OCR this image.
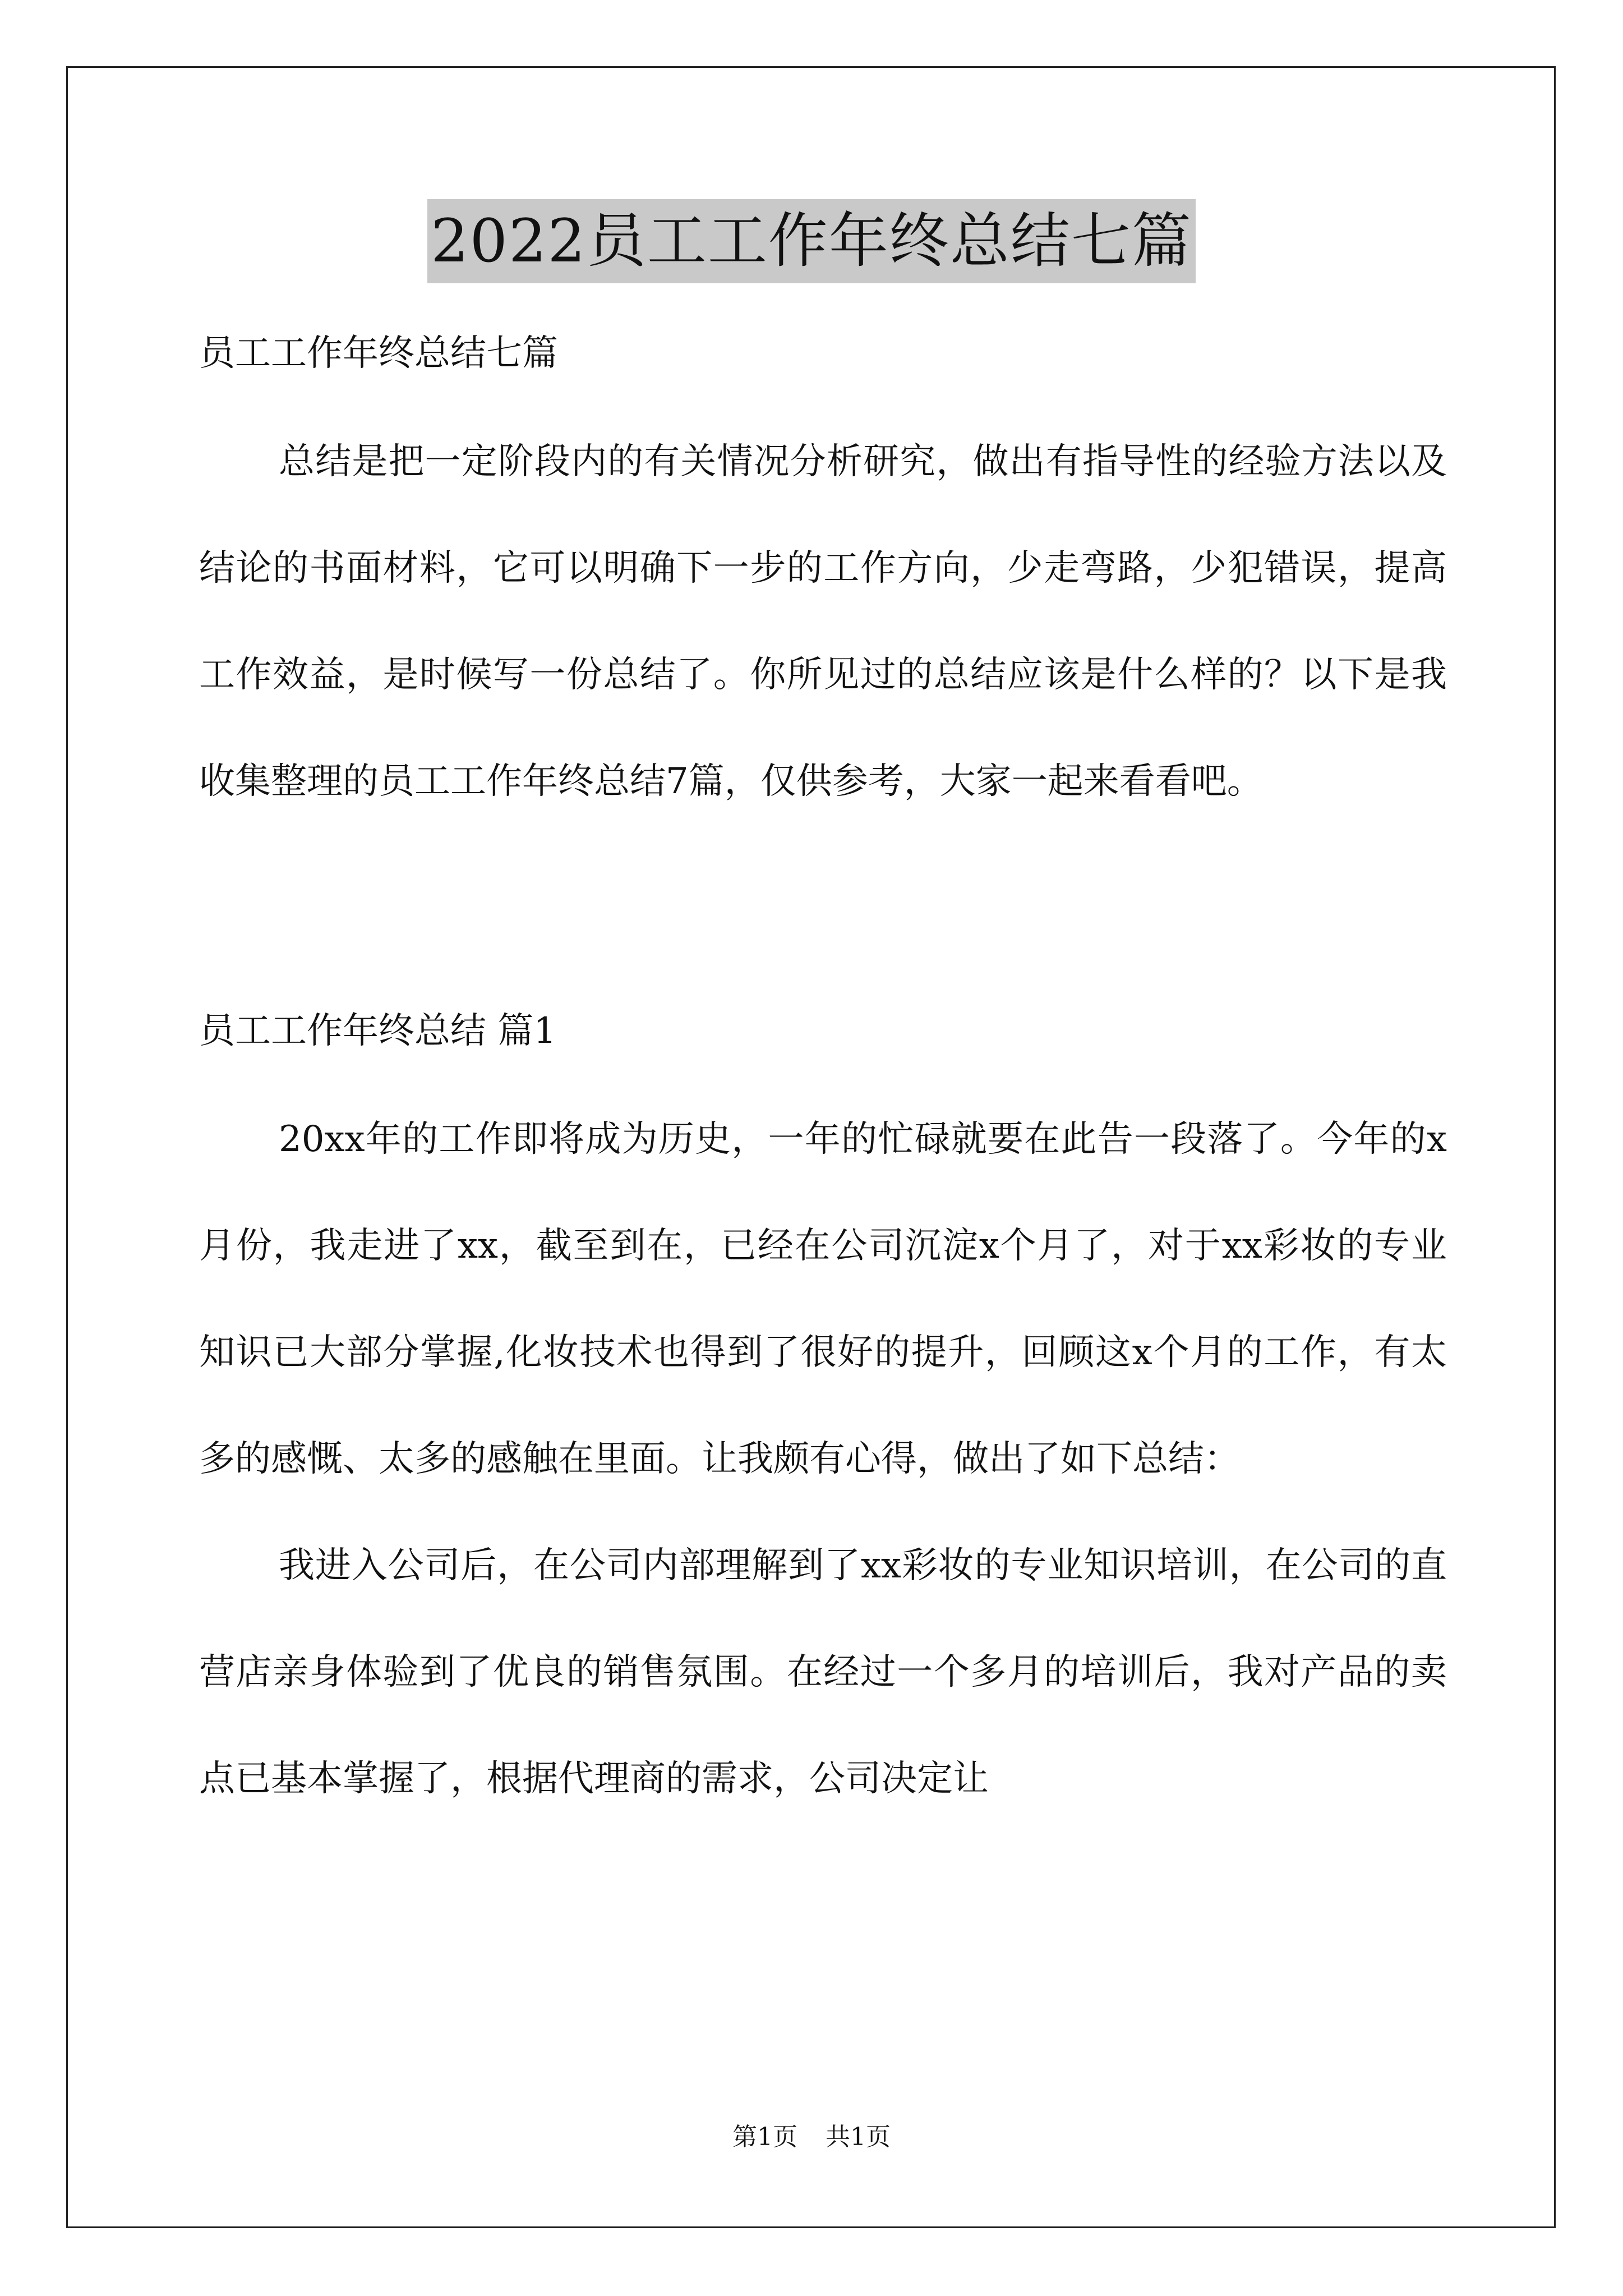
2022员工工作年终总结七篇

员工工作年终总结七篇

总结是把一定阶段内的有关情况分析研究，做出有指导性的经验方法以及结论的书面材料，它可以明确下一步的工作方向，少走弯路，少犯错误，提高工作效益，是时候写一份总结了。你所见过的总结应该是什么样的？以下是我收集整理的员工工作年终总结7篇，仅供参考，大家一起来看看吧。

员工工作年终总结 篇1

20xx年的工作即将成为历史，一年的忙碌就要在此告一段落了。今年的x月份，我走进了xx，截至到在，已经在公司沉淀x个月了，对于xx彩妆的专业知识已大部分掌握,化妆技术也得到了很好的提升，回顾这x个月的工作，有太多的感慨、太多的感触在里面。让我颇有心得，做出了如下总结：

我进入公司后，在公司内部理解到了xx彩妆的专业知识培训，在公司的直营店亲身体验到了优良的销售氛围。在经过一个多月的培训后，我对产品的卖点已基本掌握了，根据代理商的需求，公司决定让

第1页 共1页
